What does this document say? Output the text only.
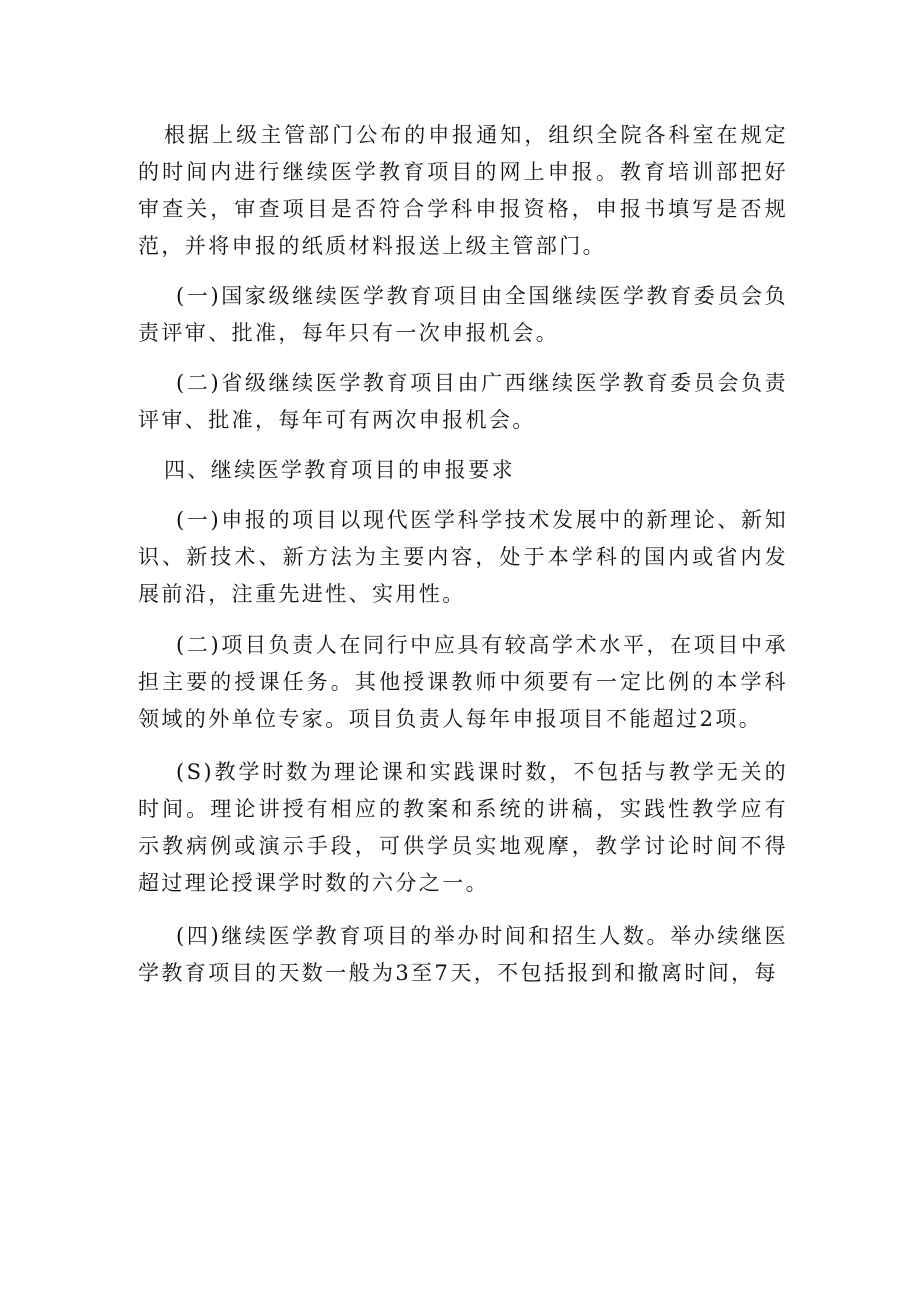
根据上级主管部门公布的申报通知，组织全院各科室在规定的时间内进行继续医学教育项目的网上申报。教育培训部把好审查关，审查项目是否符合学科申报资格，申报书填写是否规范，并将申报的纸质材料报送上级主管部门。

(一)国家级继续医学教育项目由全国继续医学教育委员会负责评审、批准，每年只有一次申报机会。

(二)省级继续医学教育项目由广西继续医学教育委员会负责评审、批准，每年可有两次申报机会。

四、继续医学教育项目的申报要求

(一)申报的项目以现代医学科学技术发展中的新理论、新知识、新技术、新方法为主要内容，处于本学科的国内或省内发展前沿，注重先进性、实用性。

(二)项目负责人在同行中应具有较高学术水平，在项目中承担主要的授课任务。其他授课教师中须要有一定比例的本学科领域的外单位专家。项目负责人每年申报项目不能超过2项。

(S)教学时数为理论课和实践课时数，不包括与教学无关的时间。理论讲授有相应的教案和系统的讲稿，实践性教学应有示教病例或演示手段，可供学员实地观摩，教学讨论时间不得超过理论授课学时数的六分之一。

(四)继续医学教育项目的举办时间和招生人数。举办续继医学教育项目的天数一般为3至7天，不包括报到和撤离时间，每
